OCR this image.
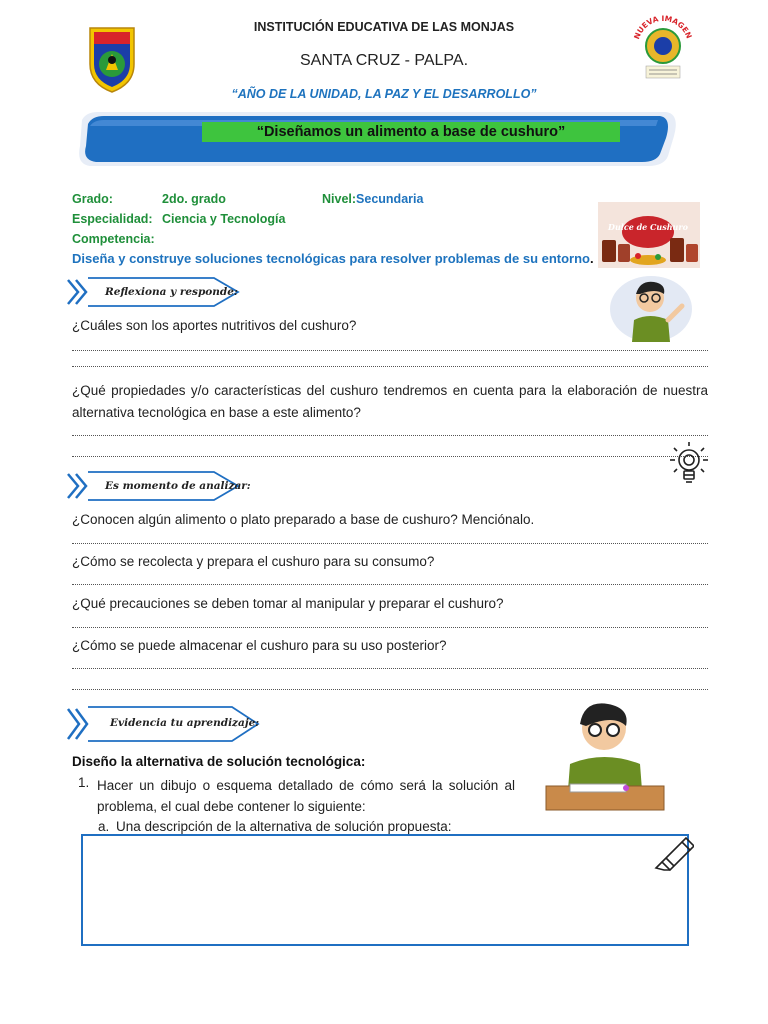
INSTITUCIÓN EDUCATIVA DE LAS MONJAS
SANTA CRUZ - PALPA.
“AÑO DE LA UNIDAD, LA PAZ Y EL DESARROLLO”
NUEVA IMAGEN
“Diseñamos un alimento a base de cushuro”
Grado:	2do. grado	Nivel:Secundaria
Especialidad: Ciencia y Tecnología
Competencia:
Diseña y construye soluciones tecnológicas para resolver problemas de su entorno.
Dulce de Cushuro
Reflexiona y responde:
¿Cuáles son los aportes nutritivos del cushuro?
¿Qué propiedades y/o características del cushuro tendremos en cuenta para la elaboración de nuestra alternativa tecnológica en base a este alimento?
Es momento de analizar:
¿Conocen algún alimento o plato preparado a base de cushuro? Menciónalo.
¿Cómo se recolecta y prepara el cushuro para su consumo?
¿Qué precauciones se deben tomar al manipular y preparar el cushuro?
¿Cómo se puede almacenar el cushuro para su uso posterior?
Evidencia tu aprendizaje:
Diseño la alternativa de solución tecnológica:
1. Hacer un dibujo o esquema detallado de cómo será la solución al problema, el cual debe contener lo siguiente:
a. Una descripción de la alternativa de solución propuesta:
